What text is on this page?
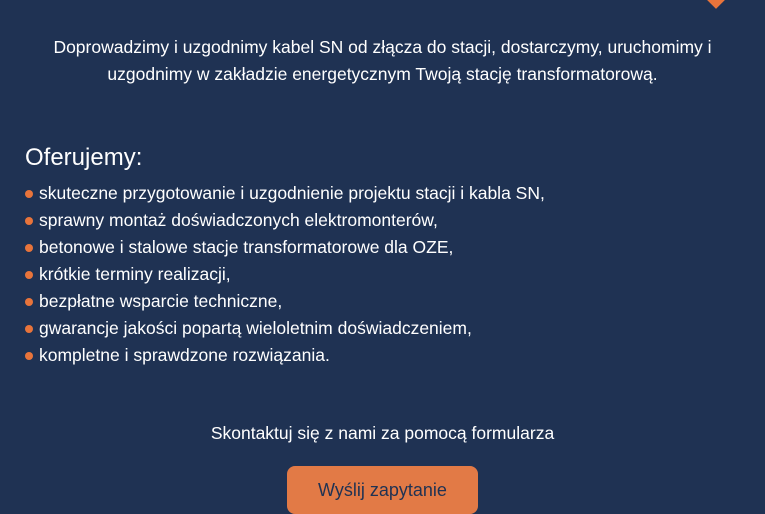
Doprowadzimy i uzgodnimy kabel SN od złącza do stacji, dostarczymy, uruchomimy i uzgodnimy w zakładzie energetycznym Twoją stację transformatorową.

Oferujemy:
skuteczne przygotowanie i uzgodnienie projektu stacji i kabla SN,
sprawny montaż doświadczonych elektromonterów,
betonowe i stalowe stacje transformatorowe dla OZE,
krótkie terminy realizacji,
bezpłatne wsparcie techniczne,
gwarancje jakości popartą wieloletnim doświadczeniem,
kompletne i sprawdzone rozwiązania.

Skontaktuj się z nami za pomocą formularza

Wyślij zapytanie
